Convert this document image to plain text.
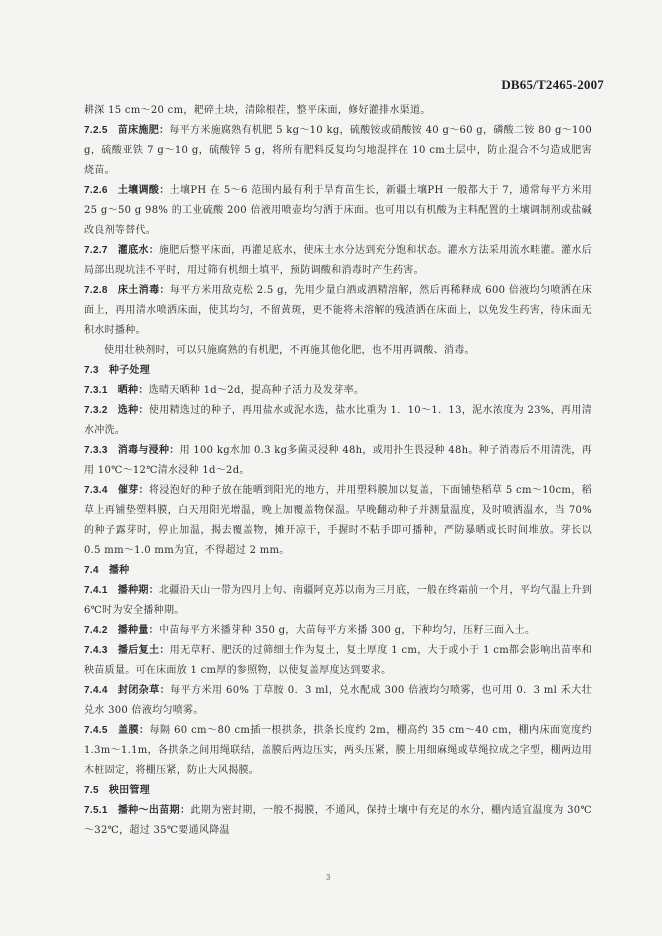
DB65/T2465-2007

耕深 15 cm～20 cm，耙碎土块，清除根茬，整平床面，修好灌排水渠道。

7.2.5 苗床施肥：每平方米施腐熟有机肥 5 kg～10 kg，硫酸铵或硝酸铵 40 g～60 g，磷酸二铵 80 g～100 g，硫酸亚铁 7 g～10 g，硫酸锌 5 g，将所有肥料反复均匀地混拌在 10 cm土层中，防止混合不匀造成肥害烧苗。

7.2.6 土壤调酸：土壤PH 在 5～6 范围内最有利于旱育苗生长，新疆土壤PH 一般都大于 7，通常每平方米用 25 g～50 g 98% 的工业硫酸 200 倍液用喷壶均匀洒于床面。也可用以有机酸为主料配置的土壤调制剂或盐碱改良剂等替代。

7.2.7 灌底水：施肥后整平床面，再灌足底水，使床土水分达到充分饱和状态。灌水方法采用流水畦灌。灌水后局部出现坑洼不平时，用过筛有机细土填平，预防调酸和消毒时产生药害。

7.2.8 床土消毒：每平方米用敌克松 2.5 g，先用少量白酒或酒精溶解，然后再稀释成 600 倍液均匀喷洒在床面上，再用清水喷洒床面，使其均匀，不留黄斑，更不能将未溶解的残渣洒在床面上，以免发生药害，待床面无积水时播种。

使用壮秧剂时，可以只施腐熟的有机肥，不再施其他化肥，也不用再调酸、消毒。

7.3 种子处理

7.3.1 晒种：选晴天晒种 1d～2d，提高种子活力及发芽率。

7.3.2 选种：使用精选过的种子，再用盐水或泥水选，盐水比重为 1．10～1．13，泥水浓度为 23%，再用清水冲洗。

7.3.3 消毒与浸种：用 100 kg水加 0.3 kg多菌灵浸种 48h，或用扑生畏浸种 48h。种子消毒后不用清洗，再用 10℃～12℃清水浸种 1d～2d。

7.3.4 催芽：将浸泡好的种子放在能晒到阳光的地方，并用塑料膜加以复盖，下面铺垫稻草 5 cm～10cm，稻草上再铺垫塑料膜，白天用阳光增温，晚上加覆盖物保温。早晚翻动种子并测量温度，及时喷洒温水，当 70%的种子露芽时，停止加温，揭去覆盖物，摊开凉干，手握时不粘手即可播种，严防暴晒或长时间堆放。芽长以 0.5 mm～1.0 mm为宜，不得超过 2 mm。

7.4 播种

7.4.1 播种期：北疆沿天山一带为四月上旬、南疆阿克苏以南为三月底，一般在终霜前一个月，平均气温上升到 6℃时为安全播种期。

7.4.2 播种量：中苗每平方米播芽种 350 g，大苗每平方米播 300 g，下种均匀，压籽三面入土。

7.4.3 播后复土：用无草籽、肥沃的过筛细土作为复土，复土厚度 1 cm，大于或小于 1 cm都会影响出苗率和秧苗质量。可在床面放 1 cm厚的参照物，以使复盖厚度达到要求。

7.4.4 封闭杂草：每平方米用 60% 丁草胺 0．3 ml，兑水配成 300 倍液均匀喷雾，也可用 0．3 ml 禾大壮兑水 300 倍液均匀喷雾。

7.4.5 盖膜：每隔 60 cm～80 cm插一根拱条，拱条长度约 2m，棚高约 35 cm～40 cm，棚内床面宽度约 1.3m～1.1m，各拱条之间用绳联结，盖膜后两边压实，两头压紧，膜上用细麻绳或草绳拉成之字型，棚两边用木桩固定，将棚压紧，防止大风揭膜。

7.5 秧田管理

7.5.1 播种～出苗期：此期为密封期，一般不揭膜，不通风，保持土壤中有充足的水分，棚内适宜温度为 30℃～32℃，超过 35℃要通风降温

3
